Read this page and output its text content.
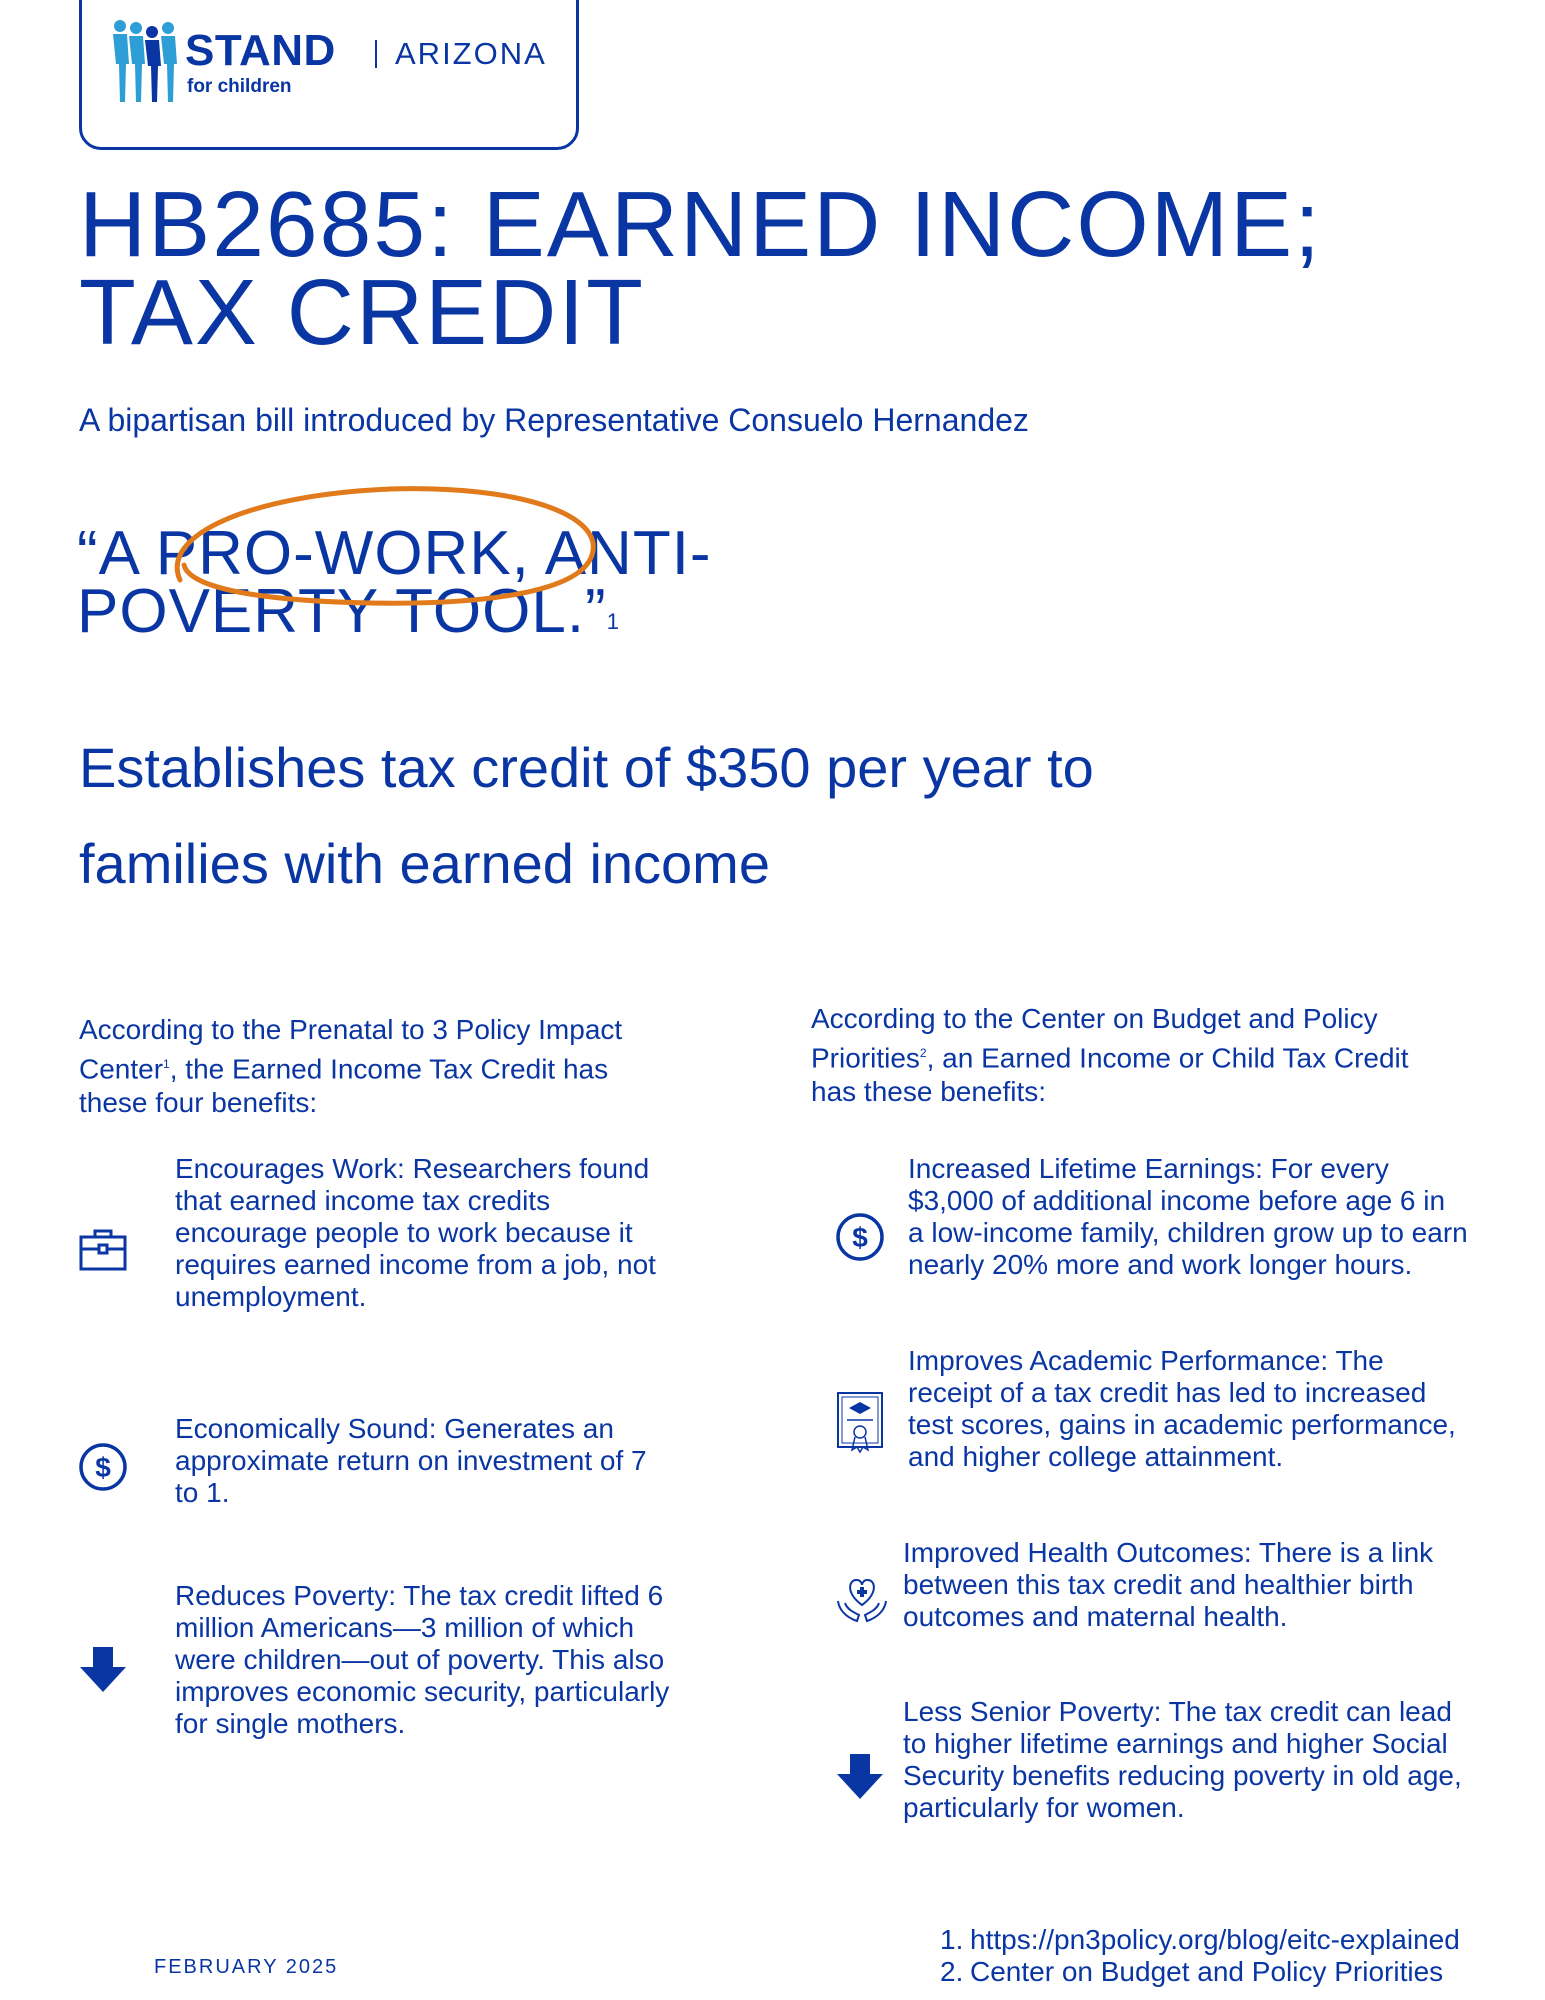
STAND
for children
ARIZONA
HB2685: EARNED INCOME;
TAX CREDIT
A bipartisan bill introduced by Representative Consuelo Hernandez
“A PRO-WORK, ANTI-
POVERTY TOOL.”$^1$
Establishes tax credit of $350 per year to
families with earned income
According to the Prenatal to 3 Policy Impact Center$^1$, the Earned Income Tax Credit has these four benefits:
According to the Center on Budget and Policy Priorities$^2$, an Earned Income or Child Tax Credit has these benefits:
Encourages Work: Researchers found that earned income tax credits encourage people to work because it requires earned income from a job, not unemployment.
$
Economically Sound: Generates an approximate return on investment of 7 to 1.
Reduces Poverty: The tax credit lifted 6 million Americans—3 million of which were children—out of poverty. This also improves economic security, particularly for single mothers.
$
Increased Lifetime Earnings: For every $3,000 of additional income before age 6 in a low-income family, children grow up to earn nearly 20% more and work longer hours.
Improves Academic Performance: The receipt of a tax credit has led to increased test scores, gains in academic performance, and higher college attainment.
Improved Health Outcomes: There is a link between this tax credit and healthier birth outcomes and maternal health.
Less Senior Poverty: The tax credit can lead to higher lifetime earnings and higher Social Security benefits reducing poverty in old age, particularly for women.
FEBRUARY 2025
1. https://pn3policy.org/blog/eitc-explained
2. Center on Budget and Policy Priorities
